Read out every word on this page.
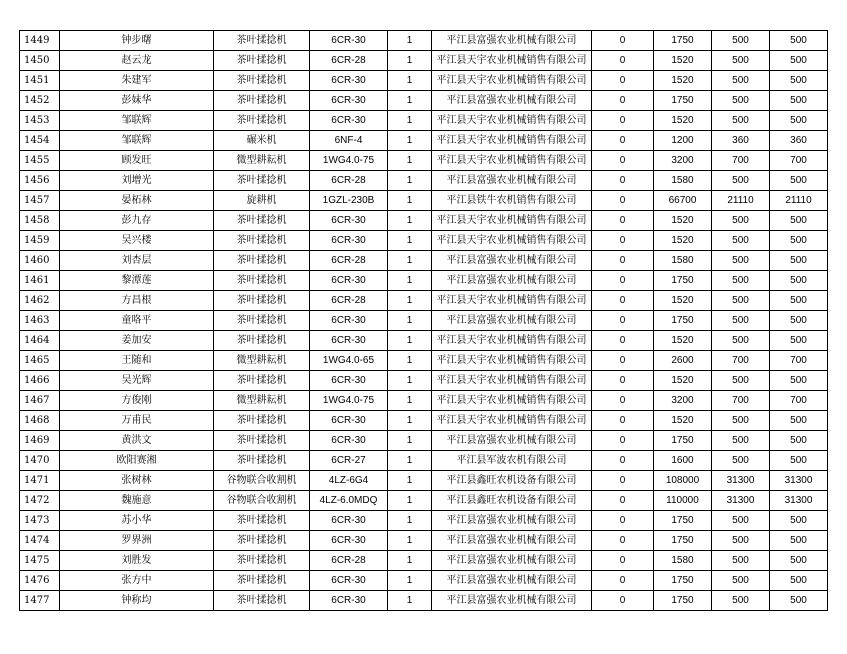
1449	钟步曙	茶叶揉捻机	6CR-30	1	平江县富强农业机械有限公司	0	1750	500	500
1450	赵云龙	茶叶揉捻机	6CR-28	1	平江县天宇农业机械销售有限公司	0	1520	500	500
1451	朱建军	茶叶揉捻机	6CR-30	1	平江县天宇农业机械销售有限公司	0	1520	500	500
1452	彭妹华	茶叶揉捻机	6CR-30	1	平江县富强农业机械有限公司	0	1750	500	500
1453	邹联辉	茶叶揉捻机	6CR-30	1	平江县天宇农业机械销售有限公司	0	1520	500	500
1454	邹联辉	碾米机	6NF-4	1	平江县天宇农业机械销售有限公司	0	1200	360	360
1455	顾发旺	微型耕耘机	1WG4.0-75	1	平江县天宇农业机械销售有限公司	0	3200	700	700
1456	刘增光	茶叶揉捻机	6CR-28	1	平江县富强农业机械有限公司	0	1580	500	500
1457	晏柘林	旋耕机	1GZL-230B	1	平江县铁牛农机销售有限公司	0	66700	21110	21110
1458	彭九存	茶叶揉捻机	6CR-30	1	平江县天宇农业机械销售有限公司	0	1520	500	500
1459	吴兴楼	茶叶揉捻机	6CR-30	1	平江县天宇农业机械销售有限公司	0	1520	500	500
1460	刘杏层	茶叶揉捻机	6CR-28	1	平江县富强农业机械有限公司	0	1580	500	500
1461	黎潭莲	茶叶揉捻机	6CR-30	1	平江县富强农业机械有限公司	0	1750	500	500
1462	方昌根	茶叶揉捻机	6CR-28	1	平江县天宇农业机械销售有限公司	0	1520	500	500
1463	童咯平	茶叶揉捻机	6CR-30	1	平江县富强农业机械有限公司	0	1750	500	500
1464	姜加安	茶叶揉捻机	6CR-30	1	平江县天宇农业机械销售有限公司	0	1520	500	500
1465	王随和	微型耕耘机	1WG4.0-65	1	平江县天宇农业机械销售有限公司	0	2600	700	700
1466	吴光辉	茶叶揉捻机	6CR-30	1	平江县天宇农业机械销售有限公司	0	1520	500	500
1467	方俊刚	微型耕耘机	1WG4.0-75	1	平江县天宇农业机械销售有限公司	0	3200	700	700
1468	万甫民	茶叶揉捻机	6CR-30	1	平江县天宇农业机械销售有限公司	0	1520	500	500
1469	黄洪文	茶叶揉捻机	6CR-30	1	平江县富强农业机械有限公司	0	1750	500	500
1470	欧阳赛湘	茶叶揉捻机	6CR-27	1	平江县军波农机有限公司	0	1600	500	500
1471	张树林	谷物联合收割机	4LZ-6G4	1	平江县鑫旺农机设备有限公司	0	108000	31300	31300
1472	魏施意	谷物联合收割机	4LZ-6.0MDQ	1	平江县鑫旺农机设备有限公司	0	110000	31300	31300
1473	苏小华	茶叶揉捻机	6CR-30	1	平江县富强农业机械有限公司	0	1750	500	500
1474	罗界洲	茶叶揉捻机	6CR-30	1	平江县富强农业机械有限公司	0	1750	500	500
1475	刘胜发	茶叶揉捻机	6CR-28	1	平江县富强农业机械有限公司	0	1580	500	500
1476	张方中	茶叶揉捻机	6CR-30	1	平江县富强农业机械有限公司	0	1750	500	500
1477	钟称均	茶叶揉捻机	6CR-30	1	平江县富强农业机械有限公司	0	1750	500	500
